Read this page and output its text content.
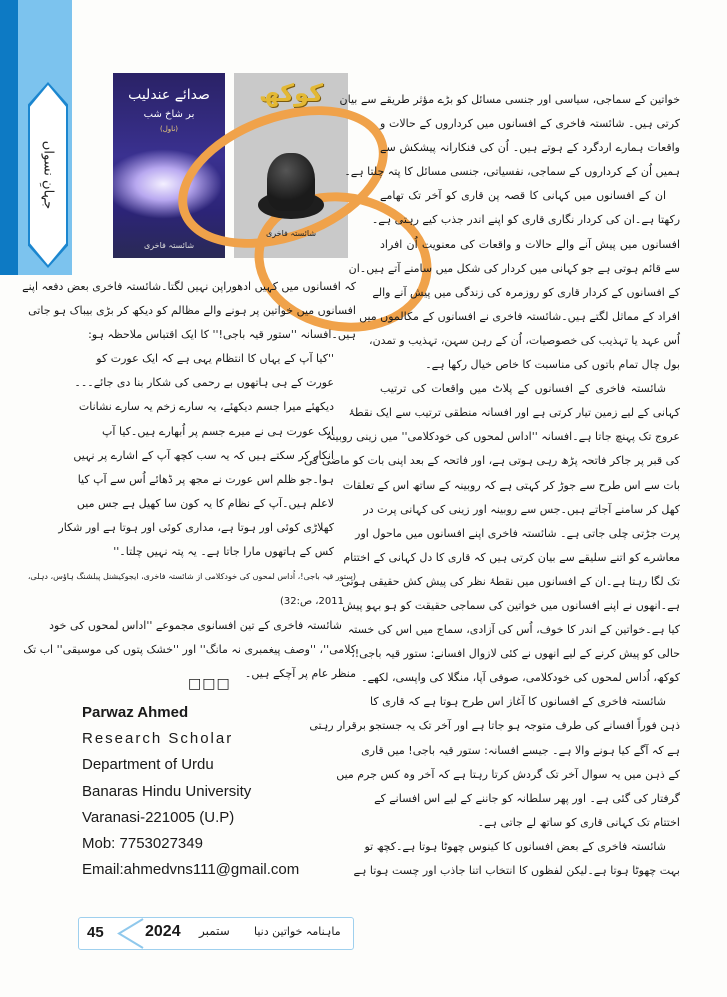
جہانِ نسواں
صدائے عندلیب
بر شاخ شب
(ناول)
شائستہ فاخری
کوکھ
شائستہ فاخری
خواتین کے سماجی، سیاسی اور جنسی مسائل کو بڑے مؤثر طریقے سے بیان
کرتی ہیں۔ شائستہ فاخری کے افسانوں میں کرداروں کے حالات و
واقعات ہمارے اردگرد کے ہوتے ہیں۔ اُن کی فنکارانہ پیشکش سے
ہمیں اُن کے کرداروں کے سماجی، نفسیاتی، جنسی مسائل کا پتہ چلتا ہے۔
ان کے افسانوں میں کہانی کا قصہ پن قاری کو آخر تک تھامے
رکھتا ہے۔ان کی کردار نگاری قاری کو اپنے اندر جذب کیے رہتی ہے۔
افسانوں میں پیش آنے والے حالات و واقعات کی معنویت اُن افراد
سے قائم ہوتی ہے جو کہانی میں کردار کی شکل میں سامنے آتے ہیں۔ان
کے افسانوں کے کردار قاری کو روزمرہ کی زندگی میں پیش آنے والے
افراد کے مماثل لگتے ہیں۔شائستہ فاخری نے افسانوں کے مکالموں میں
اُس عہد یا تہذیب کی خصوصیات، اُن کے رہن سہن، تہذیب و تمدن،
بول چال تمام باتوں کی مناسبت کا خاص خیال رکھا ہے۔
شائستہ فاخری کے افسانوں کے پلاٹ میں واقعات کی ترتیب
کہانی کے لیے زمین تیار کرتی ہے اور افسانہ منطقی ترتیب سے ایک نقطۂ
عروج تک پہنچ جاتا ہے۔افسانہ ''اداس لمحوں کی خودکلامی'' میں زینی روبینہ
کی قبر پر جاکر فاتحہ پڑھ رہی ہوتی ہے، اور فاتحہ کے بعد اپنی بات کو ماضی کی
بات سے اس طرح سے جوڑ کر کہتی ہے کہ روبینہ کے ساتھ اس کے تعلقات
کھل کر سامنے آجاتے ہیں۔جس سے روبینہ اور زینی کی کہانی پرت در
پرت جڑتی چلی جاتی ہے۔ شائستہ فاخری اپنے افسانوں میں ماحول اور
معاشرے کو اتنے سلیقے سے بیان کرتی ہیں کہ قاری کا دل کہانی کے اختتام
تک لگا رہتا ہے۔ان کے افسانوں میں نقطۂ نظر کی پیش کش حقیقی ہوتی
ہے۔انھوں نے اپنے افسانوں میں خواتین کی سماجی حقیقت کو ہو بہو پیش
کیا ہے۔خواتین کے اندر کا خوف، اُس کی آزادی، سماج میں اس کی خستہ
حالی کو پیش کرنے کے لیے انھوں نے کئی لازوال افسانے: ستور قیہ باجی!،
کوکھ، اُداس لمحوں کی خودکلامی، صوفی آپا، منگلا کی واپسی، لکھے۔
شائستہ فاخری کے افسانوں کا آغاز اس طرح ہوتا ہے کہ قاری کا
ذہن فوراً افسانے کی طرف متوجہ ہو جاتا ہے اور آخر تک یہ جستجو برقرار رہتی
ہے کہ آگے کیا ہونے والا ہے۔ جیسے افسانہ: ستور قیہ باجی! میں قاری
کے ذہن میں یہ سوال آخر تک گردش کرتا رہتا ہے کہ آخر وہ کس جرم میں
گرفتار کی گئی ہے۔ اور پھر سلطانہ کو جاننے کے لیے اس افسانے کے
اختتام تک کہانی قاری کو ساتھ لے جاتی ہے۔
شائستہ فاخری کے بعض افسانوں کا کینوس چھوٹا ہوتا ہے۔کچھ تو
بہت چھوٹا ہوتا ہے۔لیکن لفظوں کا انتخاب اتنا جاذب اور چست ہوتا ہے
کہ افسانوں میں کہیں ادھوراپن نہیں لگتا۔شائستہ فاخری بعض دفعہ اپنے
افسانوں میں خواتین پر ہونے والے مظالم کو دیکھ کر بڑی بیباک ہو جاتی
ہیں۔افسانہ ''ستور قیہ باجی!'' کا ایک اقتباس ملاحظہ ہو:
''کیا آپ کے یہاں کا انتظام یہی ہے کہ ایک عورت کو
عورت کے ہی ہاتھوں بے رحمی کی شکار بنا دی جائے۔۔۔
دیکھئے میرا جسم دیکھئے، یہ سارے زخم یہ سارے نشانات
ایک عورت ہی نے میرے جسم پر اُبھارے ہیں۔کیا آپ
انکار کر سکتے ہیں کہ یہ سب کچھ آپ کے اشارے پر نہیں
ہوا۔جو ظلم اس عورت نے مجھ پر ڈھائے اُس سے آپ کیا
لاعلم ہیں۔آپ کے نظام کا یہ کون سا کھیل ہے جس میں
کھلاڑی کوئی اور ہوتا ہے، مداری کوئی اور ہوتا ہے اور شکار
کس کے ہاتھوں مارا جاتا ہے۔ یہ پتہ نہیں چلتا۔''
(ستور قیہ باجی!، اُداس لمحوں کی خودکلامی از شائستہ فاخری، ایجوکیشنل پبلشنگ ہاؤس، دہلی،
2011، ص:32)
شائستہ فاخری کے تین افسانوی مجموعے ''اداس لمحوں کی خود
کلامی''، ''وصف پیغمبری نہ مانگ'' اور ''خشک پتوں کی موسیقی'' اب تک
منظر عام پر آچکے ہیں۔
□□□
Parwaz Ahmed
Research Scholar
Department of Urdu
Banaras Hindu University
Varanasi-221005 (U.P)
Mob: 7753027349
Email:ahmedvns111@gmail.com
45	2024 ستمبر ماہنامہ خواتین دنیا
